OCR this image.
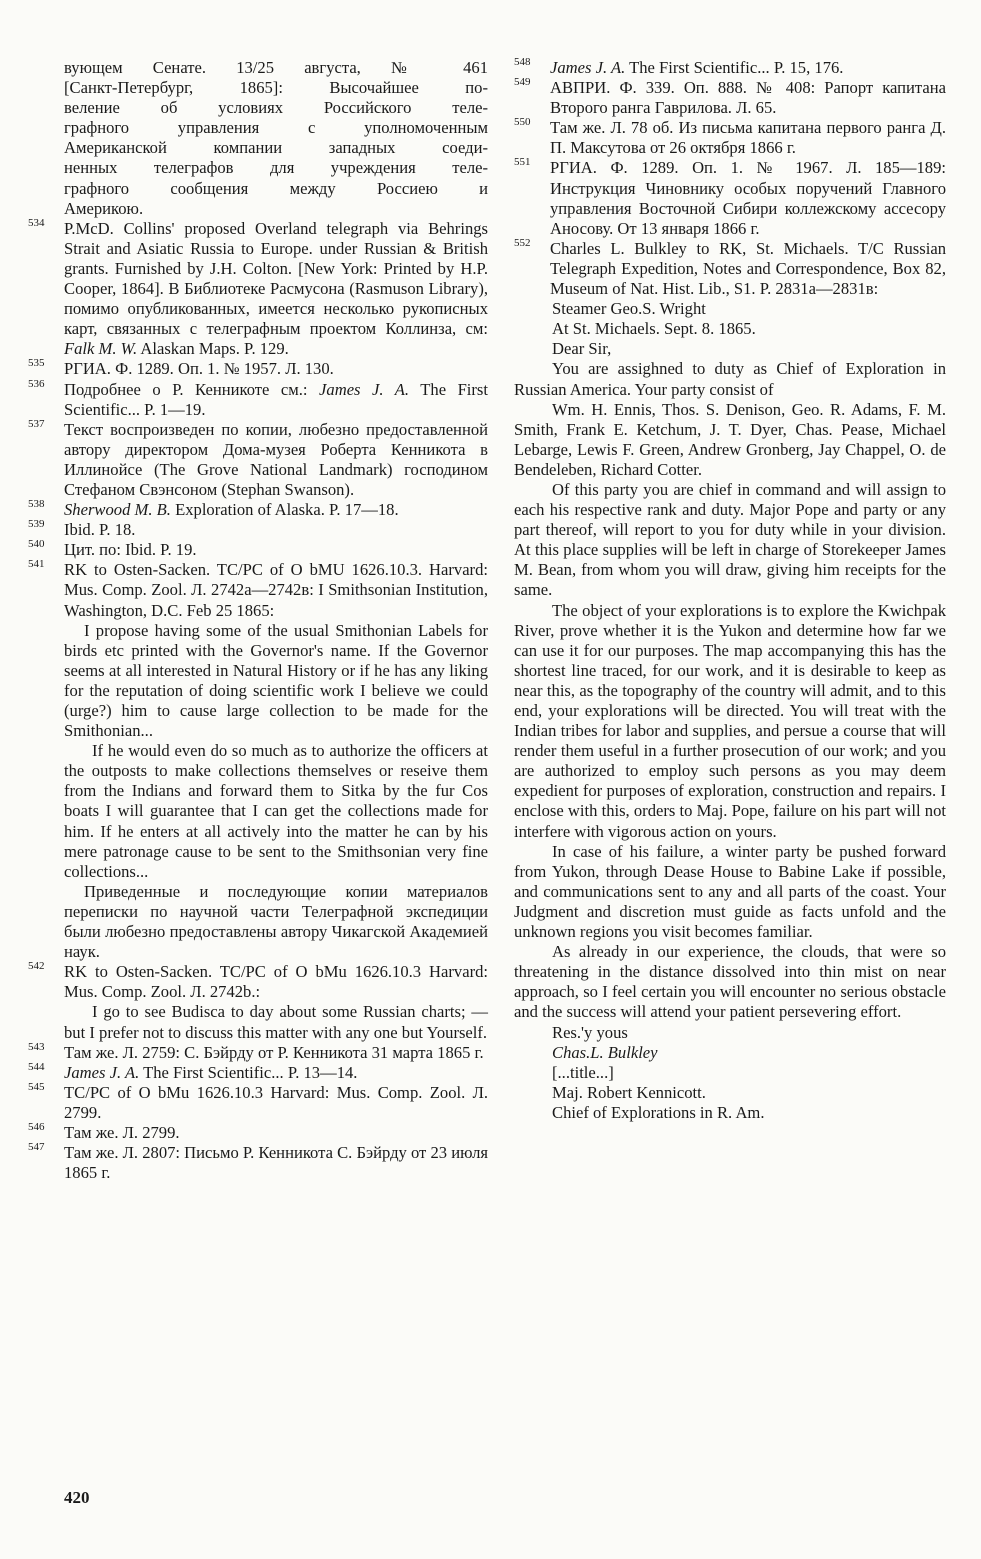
вующем Сенате. 13/25 августа, № 461
[Санкт-Петербург, 1865]: Высочайшее по-
веление об условиях Российского теле-
графного управления с уполномоченным
Американской компании западных соеди-
ненных телеграфов для учреждения теле-
графного сообщения между Россиею и
Америкою.
534 P.McD. Collins' proposed Overland telegraph via Behrings Strait and Asiatic Russia to Europe. under Russian & British grants. Furnished by J.H. Colton. [New York: Printed by H.P. Cooper, 1864]. В Библиотеке Расмусона (Rasmuson Library), помимо опубликованных, имеется несколько рукописных карт, связанных с телеграфным проектом Коллинза, см: Falk M. W. Alaskan Maps. P. 129.
535 РГИА. Ф. 1289. Оп. 1. № 1957. Л. 130.
536 Подробнее о Р. Кенникоте см.: James J. A. The First Scientific... P. 1—19.
537 Текст воспроизведен по копии, любезно предоставленной автору директором Дома-музея Роберта Кенникота в Иллинойсе (The Grove National Landmark) господином Стефаном Свэнсоном (Stephan Swanson).
538 Sherwood M. B. Exploration of Alaska. P. 17—18.
539 Ibid. P. 18.
540 Цит. по: Ibid. P. 19.
541 RK to Osten-Sacken. TC/PC of O bMU 1626.10.3. Harvard: Mus. Comp. Zool. Л. 2742а—2742в: I Smithsonian Institution, Washington, D.C. Feb 25 1865:
I propose having some of the usual Smithonian Labels for birds etc printed with the Governor's name. If the Governor seems at all interested in Natural History or if he has any liking for the reputation of doing scientific work I believe we could (urge?) him to cause large collection to be made for the Smithonian...
If he would even do so much as to authorize the officers at the outposts to make collections themselves or reseive them from the Indians and forward them to Sitka by the fur Cos boats I will guarantee that I can get the collections made for him. If he enters at all actively into the matter he can by his mere patronage cause to be sent to the Smithsonian very fine collections...
Приведенные и последующие копии материалов переписки по научной части Телеграфной экспедиции были любезно предоставлены автору Чикагской Академией наук.
542 RK to Osten-Sacken. TC/PC of O bMu 1626.10.3 Harvard: Mus. Comp. Zool. Л. 2742b.:
I go to see Budisca to day about some Russian charts; — but I prefer not to discuss this matter with any one but Yourself.
543 Там же. Л. 2759: С. Бэйрду от Р. Кенникота 31 марта 1865 г.
544 James J. A. The First Scientific... P. 13—14.
545 TC/PC of O bMu 1626.10.3 Harvard: Mus. Comp. Zool. Л. 2799.
546 Там же. Л. 2799.
547 Там же. Л. 2807: Письмо Р. Кенникота С. Бэйрду от 23 июля 1865 г.
548 James J. A. The First Scientific... P. 15, 176.
549 АВПРИ. Ф. 339. Оп. 888. № 408: Рапорт капитана Второго ранга Гаврилова. Л. 65.
550 Там же. Л. 78 об. Из письма капитана первого ранга Д. П. Максутова от 26 октября 1866 г.
551 РГИА. Ф. 1289. Оп. 1. № 1967. Л. 185—189: Инструкция Чиновнику особых поручений Главного управления Восточной Сибири коллежскому ассесору Аносову. От 13 января 1866 г.
552 Charles L. Bulkley to RK, St. Michaels. T/C Russian Telegraph Expedition, Notes and Correspondence, Box 82, Museum of Nat. Hist. Lib., S1. P. 2831а—2831в:
Steamer Geo.S. Wright
At St. Michaels. Sept. 8. 1865.
Dear Sir,
You are assighned to duty as Chief of Exploration in Russian America. Your party consist of
Wm. H. Ennis, Thos. S. Denison, Geo. R. Adams, F. M. Smith, Frank E. Ketchum, J. T. Dyer, Chas. Pease, Michael Lebarge, Lewis F. Green, Andrew Gronberg, Jay Chappel, O. de Bendeleben, Richard Cotter.
Of this party you are chief in command and will assign to each his respective rank and duty. Major Pope and party or any part thereof, will report to you for duty while in your division. At this place supplies will be left in charge of Storekeeper James M. Bean, from whom you will draw, giving him receipts for the same.
The object of your explorations is to explore the Kwichpak River, prove whether it is the Yukon and determine how far we can use it for our purposes. The map accompanying this has the shortest line traced, for our work, and it is desirable to keep as near this, as the topography of the country will admit, and to this end, your explorations will be directed. You will treat with the Indian tribes for labor and supplies, and persue a course that will render them useful in a further prosecution of our work; and you are authorized to employ such persons as you may deem expedient for purposes of exploration, construction and repairs. I enclose with this, orders to Maj. Pope, failure on his part will not interfere with vigorous action on yours.
In case of his failure, a winter party be pushed forward from Yukon, through Dease House to Babine Lake if possible, and communications sent to any and all parts of the coast. Your Judgment and discretion must guide as facts unfold and the unknown regions you visit becomes familiar.
As already in our experience, the clouds, that were so threatening in the distance dissolved into thin mist on near approach, so I feel certain you will encounter no serious obstacle and the success will attend your patient persevering effort.
Res.'y yous
Chas.L. Bulkley
[...title...]
Maj. Robert Kennicott.
Chief of Explorations in R. Am.
420
